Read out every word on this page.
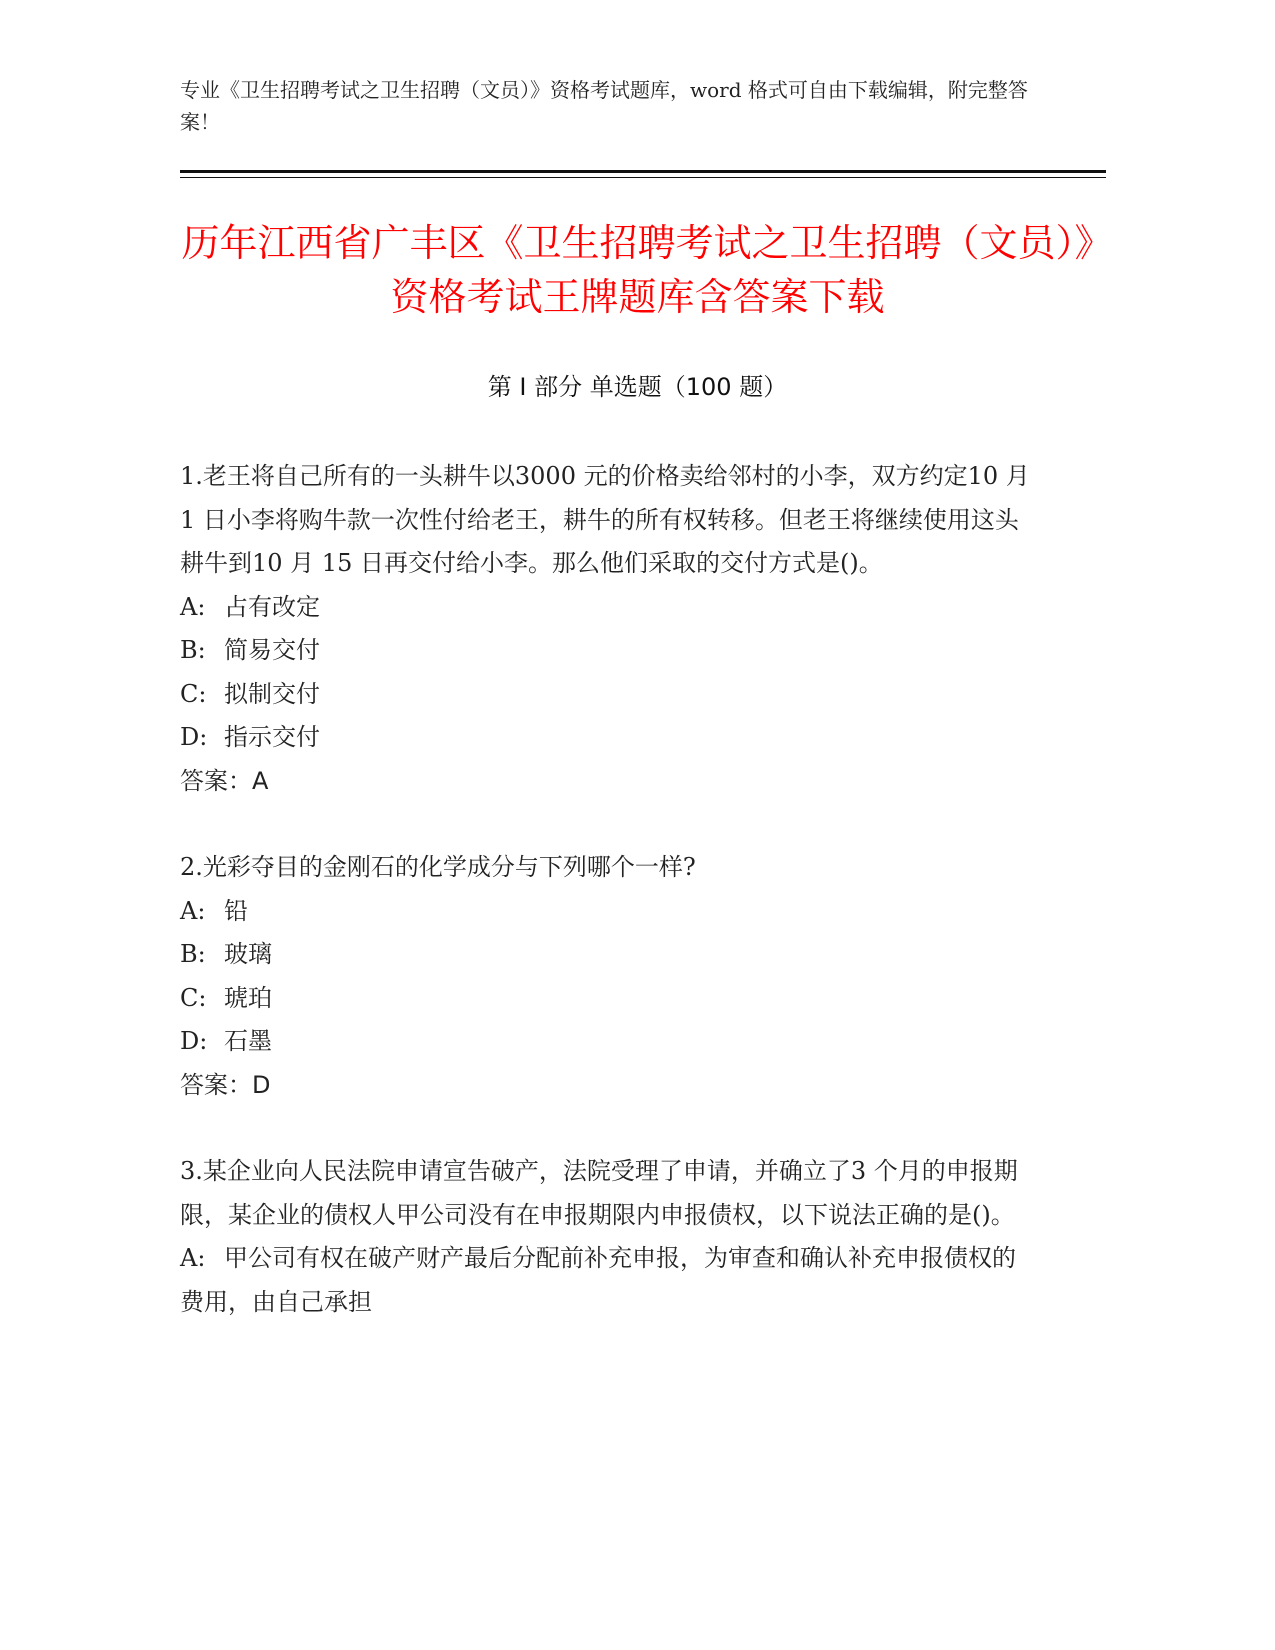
专业《卫生招聘考试之卫生招聘（文员）》资格考试题库，word 格式可自由下载编辑，附完整答案！
历年江西省广丰区《卫生招聘考试之卫生招聘（文员）》资格考试王牌题库含答案下载
第 I 部分 单选题（100 题）

1.老王将自己所有的一头耕牛以3000 元的价格卖给邻村的小李，双方约定10 月 1 日小李将购牛款一次性付给老王，耕牛的所有权转移。但老王将继续使用这头耕牛到10 月 15 日再交付给小李。那么他们采取的交付方式是()。

A: 占有改定

B: 简易交付

C: 拟制交付

D: 指示交付

答案：A

2.光彩夺目的金刚石的化学成分与下列哪个一样?

A: 铅

B: 玻璃

C: 琥珀

D: 石墨

答案：D

3.某企业向人民法院申请宣告破产，法院受理了申请，并确立了3 个月的申报期限，某企业的债权人甲公司没有在申报期限内申报债权，以下说法正确的是()。

A: 甲公司有权在破产财产最后分配前补充申报，为审查和确认补充申报债权的费用，由自己承担
